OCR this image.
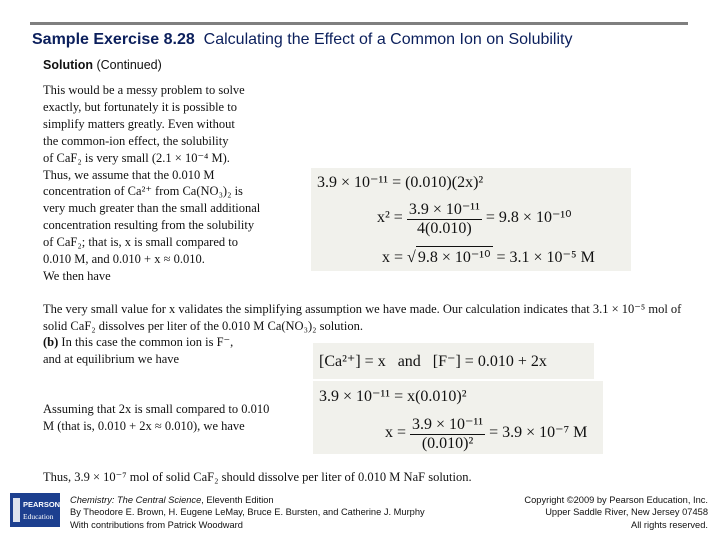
Sample Exercise 8.28 Calculating the Effect of a Common Ion on Solubility
Solution (Continued)
This would be a messy problem to solve
exactly, but fortunately it is possible to
simplify matters greatly. Even without
the common-ion effect, the solubility
of CaF₂ is very small (2.1 × 10⁻⁴ M).
Thus, we assume that the 0.010 M
concentration of Ca²⁺ from Ca(NO₃)₂ is
very much greater than the small additional
concentration resulting from the solubility
of CaF₂; that is, x is small compared to
0.010 M, and 0.010 + x ≈ 0.010.
We then have
3.9 × 10⁻¹¹ = (0.010)(2x)²
$x^2 = \frac{\text{3.9 × 10⁻¹¹}}{4(0.010)} = 9.8 \times 10^{-10}$
x = √ 9.8 × 10⁻¹⁰ = 3.1 × 10⁻⁵ M
The very small value for x validates the simplifying assumption we have made. Our calculation indicates that 3.1 × 10⁻⁵ mol of solid CaF₂ dissolves per liter of the 0.010 M Ca(NO₃)₂ solution.
(b) In this case the common ion is F⁻,
and at equilibrium we have	[Ca²⁺] = x   and   [F⁻] = 0.010 + 2x
3.9 × 10⁻¹¹ = x(0.010)²
$x = \frac{\text{3.9 × 10⁻¹¹}}{\text{(0.010)²}} = 3.9 \times 10^{-7}$ M
Assuming that 2x is small compared to 0.010
M (that is, 0.010 + 2x ≈ 0.010), we have
Thus, 3.9 × 10⁻⁷ mol of solid CaF₂ should dissolve per liter of 0.010 M NaF solution.
PEARSON
Education
Chemistry: The Central Science, Eleventh Edition
By Theodore E. Brown, H. Eugene LeMay, Bruce E. Bursten, and Catherine J. Murphy
With contributions from Patrick Woodward
Copyright ©2009 by Pearson Education, Inc.
Upper Saddle River, New Jersey 07458
All rights reserved.
